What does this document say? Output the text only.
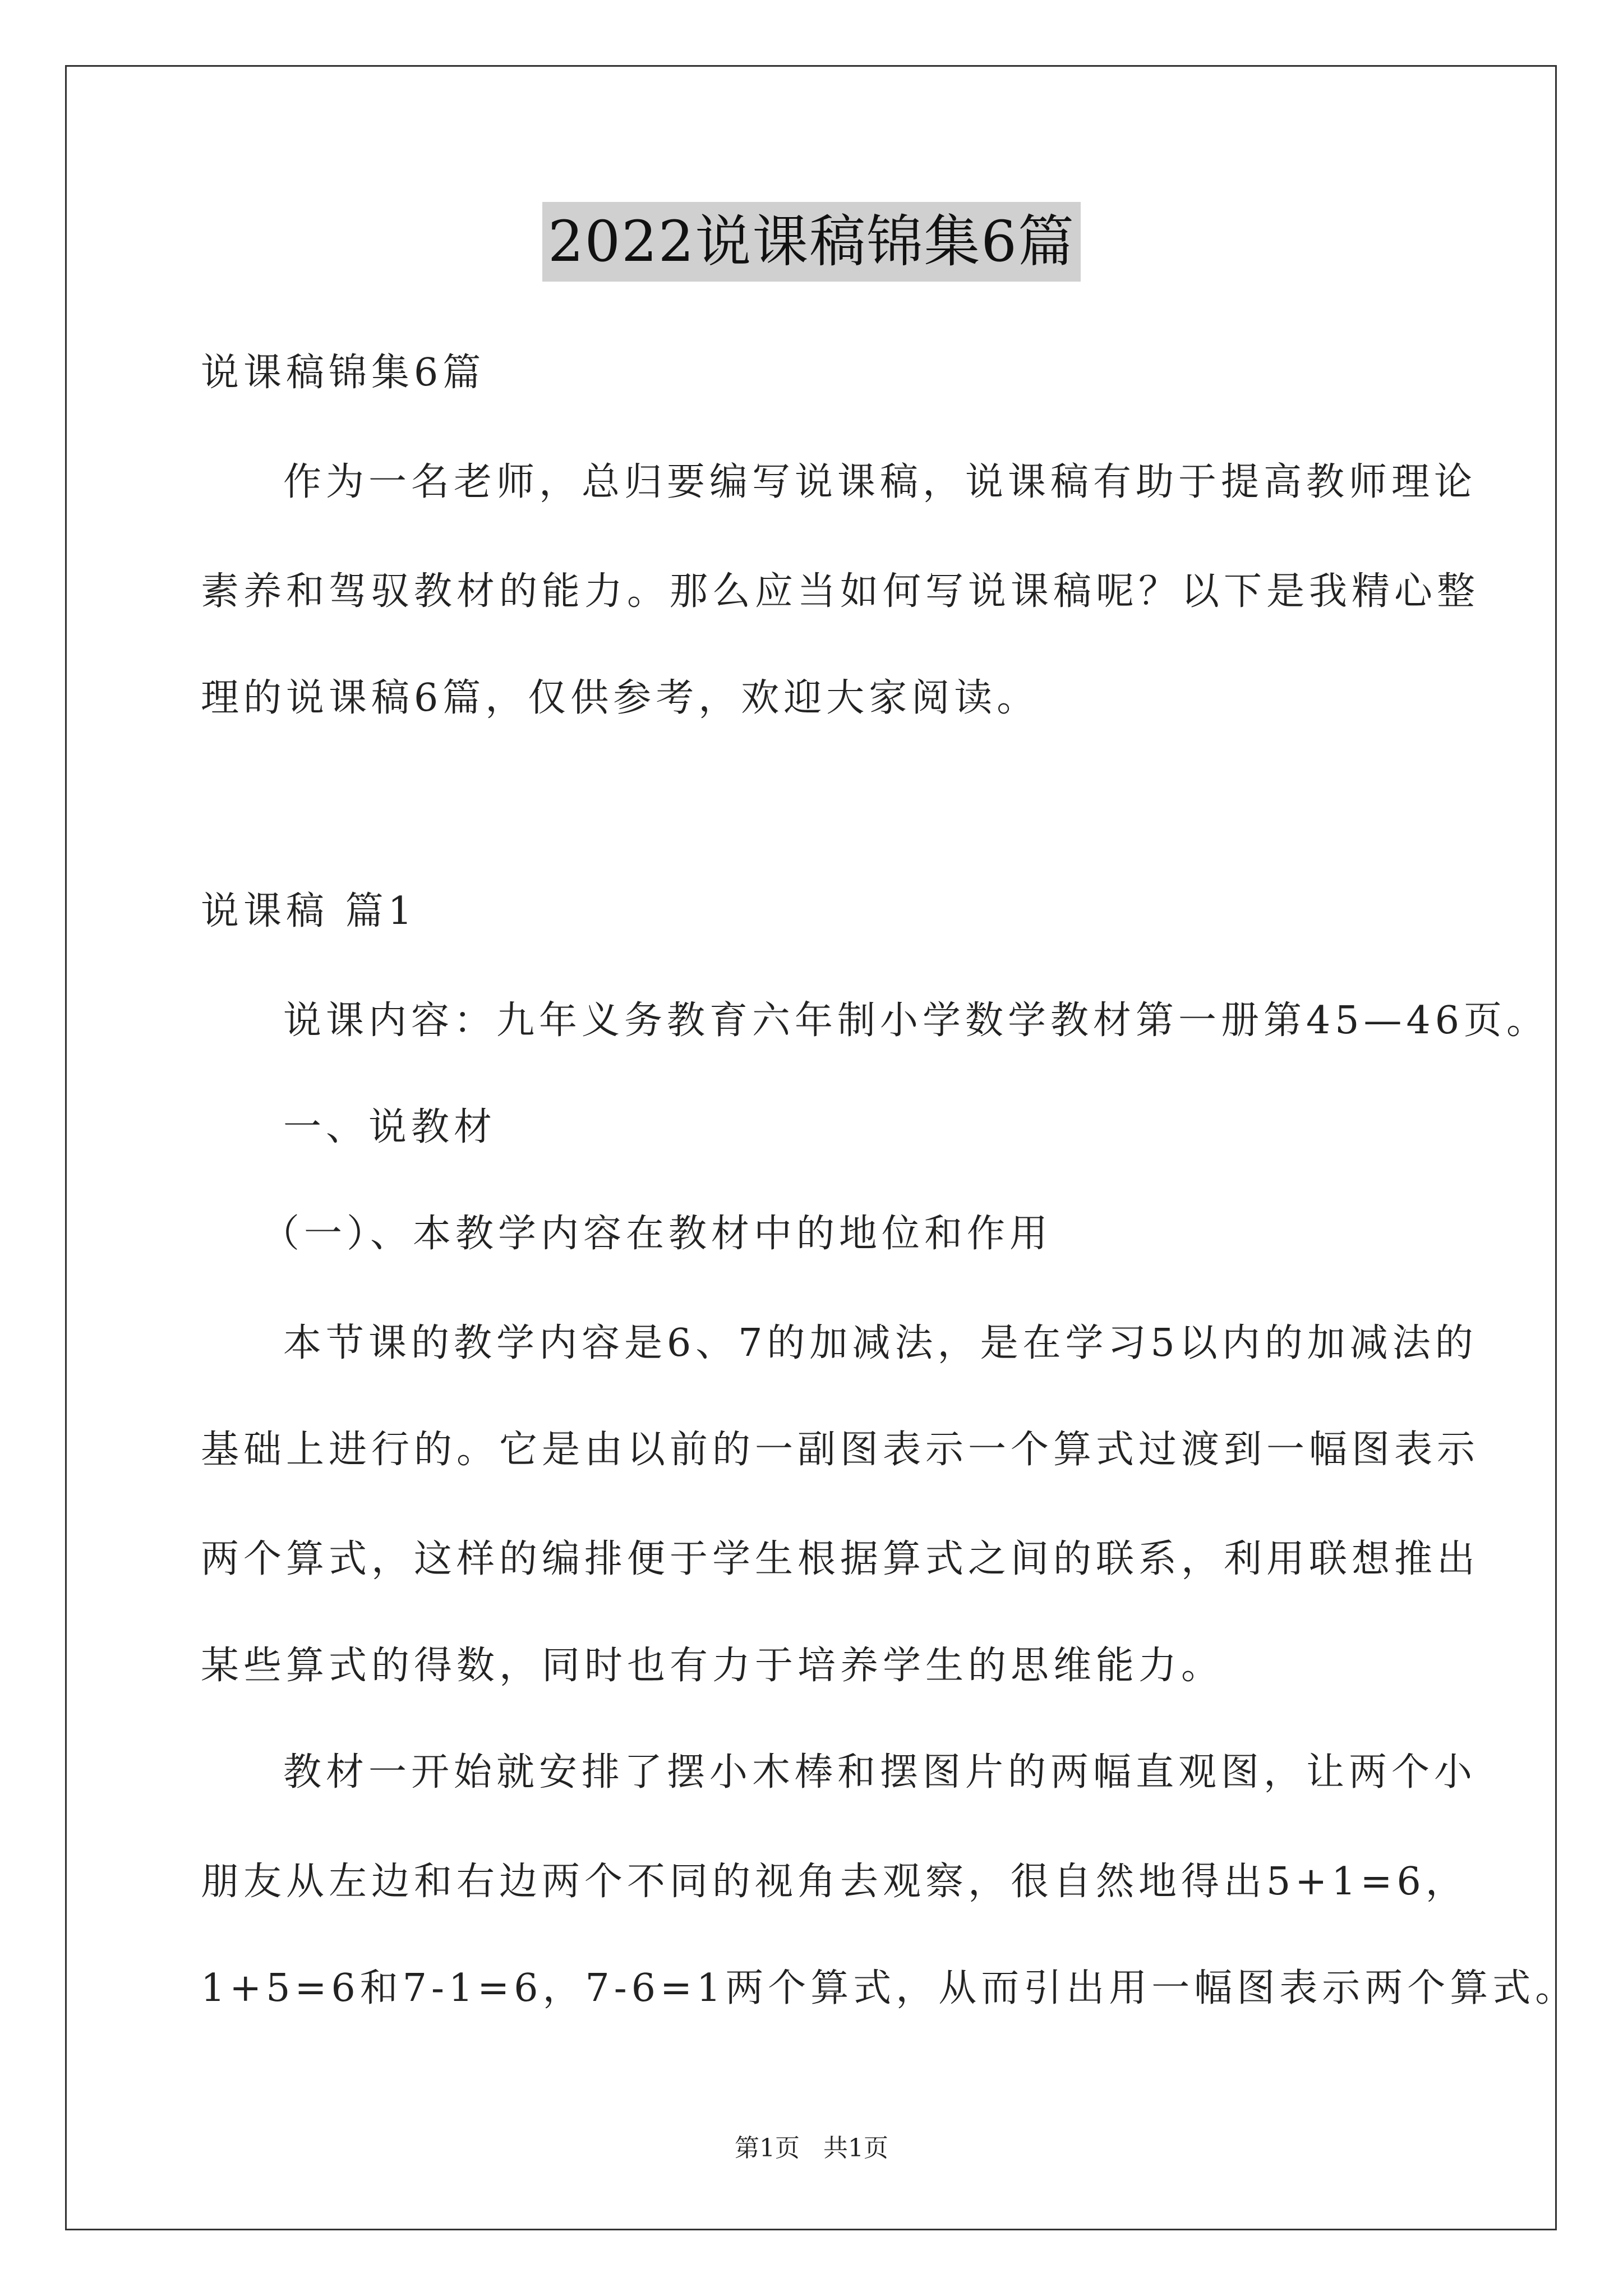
2022说课稿锦集6篇
说课稿锦集6篇
作为一名老师，总归要编写说课稿，说课稿有助于提高教师理论
素养和驾驭教材的能力。那么应当如何写说课稿呢？以下是我精心整
理的说课稿6篇，仅供参考，欢迎大家阅读。
说课稿 篇1
说课内容：九年义务教育六年制小学数学教材第一册第45—46页。
一、说教材
（一）、本教学内容在教材中的地位和作用
本节课的教学内容是6、7的加减法，是在学习5以内的加减法的
基础上进行的。它是由以前的一副图表示一个算式过渡到一幅图表示
两个算式，这样的编排便于学生根据算式之间的联系，利用联想推出
某些算式的得数，同时也有力于培养学生的思维能力。
教材一开始就安排了摆小木棒和摆图片的两幅直观图，让两个小
朋友从左边和右边两个不同的视角去观察，很自然地得出5+1=6，
1+5=6和7-1=6，7-6=1两个算式，从而引出用一幅图表示两个算式。
第1页   共1页
